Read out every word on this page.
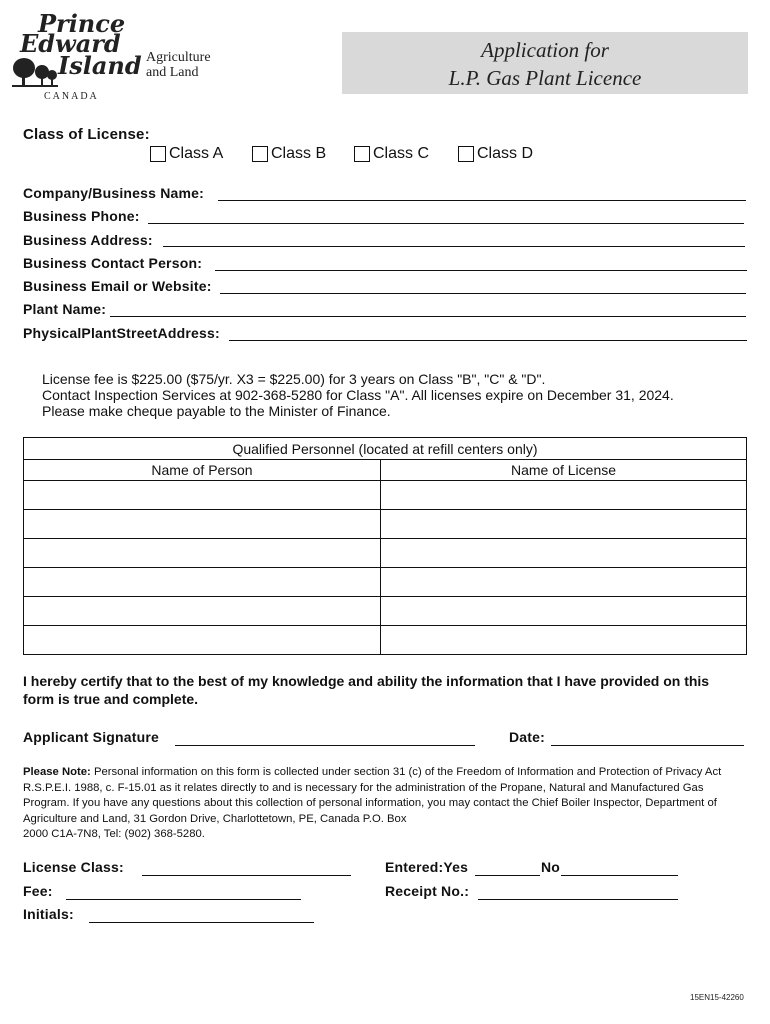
Prince
Edward
Island
CANADA
Agriculture
and Land
Application for
L.P. Gas Plant Licence
Class of License:
Class A	Class B	Class C	Class D
Company/Business Name:
Business Phone:
Business Address:
Business Contact Person:
Business Email or Website:
Plant Name:
PhysicalPlantStreetAddress:
License fee is $225.00 ($75/yr. X3 = $225.00) for 3 years on Class "B", "C" & "D".
Contact Inspection Services at 902-368-5280 for Class "A". All licenses expire on December 31, 2024.
Please make cheque payable to the Minister of Finance.
Qualified Personnel (located at refill centers only)	
Name of Person	Name of License

I hereby certify that to the best of my knowledge and ability the information that I have provided on this form is true and complete.
Applicant Signature	Date:
Please Note: Personal information on this form is collected under section 31 (c) of the Freedom of Information and Protection of Privacy Act R.S.P.E.I. 1988, c. F-15.01 as it relates directly to and is necessary for the administration of the Propane, Natural and Manufactured Gas Program. If you have any questions about this collection of personal information, you may contact the Chief Boiler Inspector, Department of Agriculture and Land, 31 Gordon Drive, Charlottetown, PE, Canada P.O. Box
2000 C1A-7N8, Tel: (902) 368-5280.
License Class:
Fee:
Initials:
Entered:Yes	No
Receipt No.:
15EN15-42260
